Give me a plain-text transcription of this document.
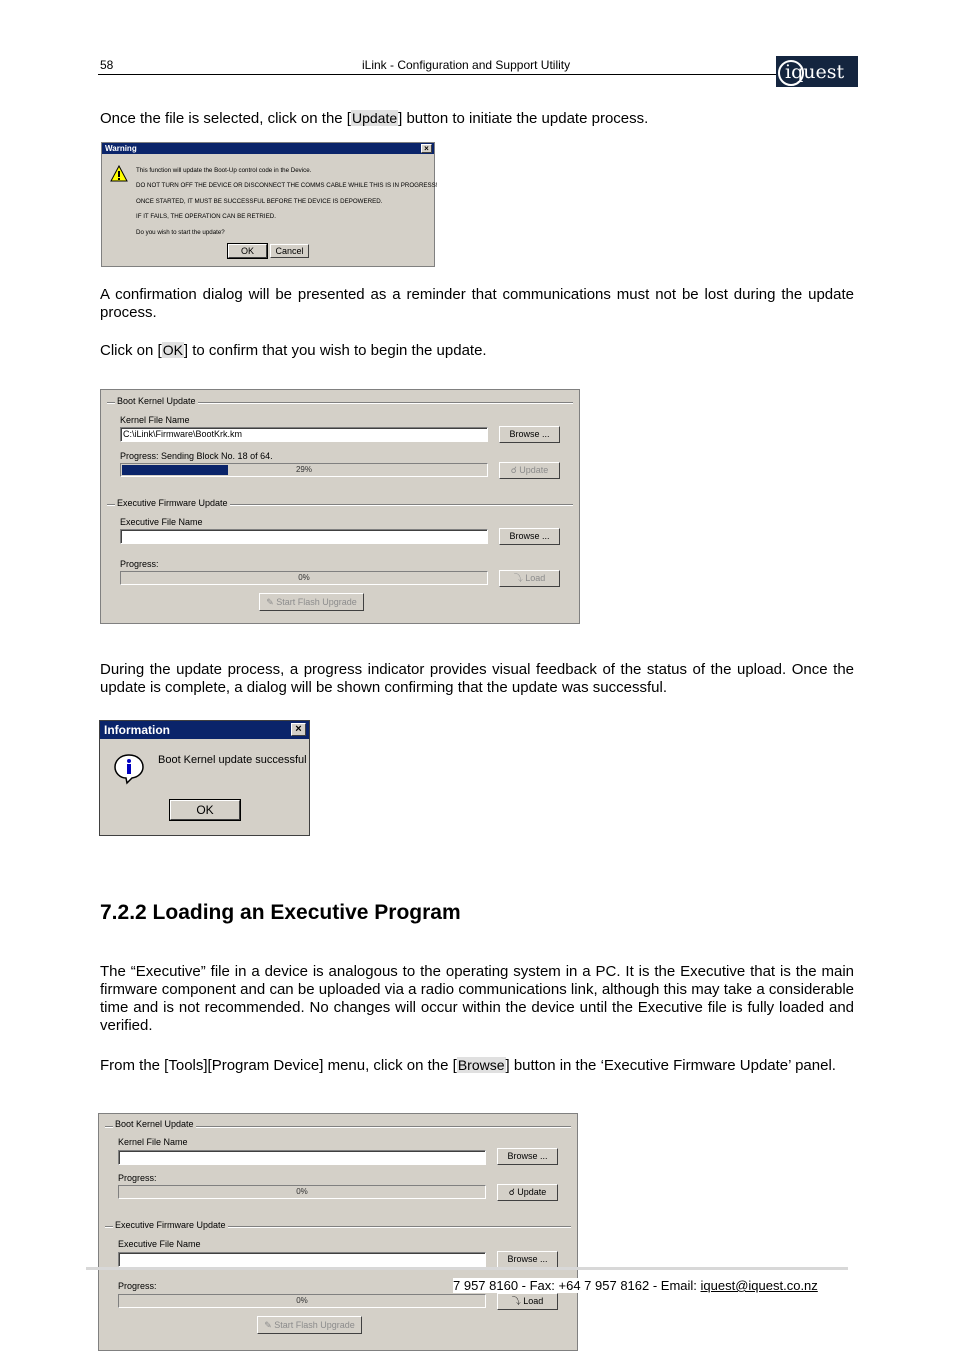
58	iLink - Configuration and Support Utility	iquest
Once the file is selected, click on the [Update] button to initiate the update process.
Warning	×
This function will update the Boot-Up control code in the Device.
DO NOT TURN OFF THE DEVICE OR DISCONNECT THE COMMS CABLE WHILE THIS IS IN PROGRESS!
ONCE STARTED, IT MUST BE SUCCESSFUL BEFORE THE DEVICE IS DEPOWERED.
IF IT FAILS, THE OPERATION CAN BE RETRIED.
Do you wish to start the update?
OK	Cancel
A confirmation dialog will be presented as a reminder that communications must not be lost during the update process.
Click on [OK] to confirm that you wish to begin the update.
Boot Kernel Update
Kernel File Name
C:\iLink\Firmware\BootKrk.km	Browse ...
Progress: Sending Block No. 18 of 64.
29%	☌ Update
Executive Firmware Update
Executive File Name
Browse ...
Progress:
0%	⤵ Load
✎ Start Flash Upgrade
During the update process, a progress indicator provides visual feedback of the status of the upload. Once the update is complete, a dialog will be shown confirming that the update was successful.
Information	×
Boot Kernel update successful
OK
7.2.2 Loading an Executive Program
The “Executive” file in a device is analogous to the operating system in a PC. It is the Executive that is the main firmware component and can be uploaded via a radio communications link, although this may take a considerable time and is not recommended. No changes will occur within the device until the Executive file is fully loaded and verified.
From the [Tools][Program Device] menu, click on the [Browse] button in the ‘Executive Firmware Update’ panel.
Boot Kernel Update
Kernel File Name
Browse ...
Progress:
0%	☌ Update
Executive Firmware Update
Executive File Name
Browse ...
Progress:
0%	⤵ Load
✎ Start Flash Upgrade
7 957 8160 - Fax: +64 7 957 8162 - Email: iquest@iquest.co.nz
